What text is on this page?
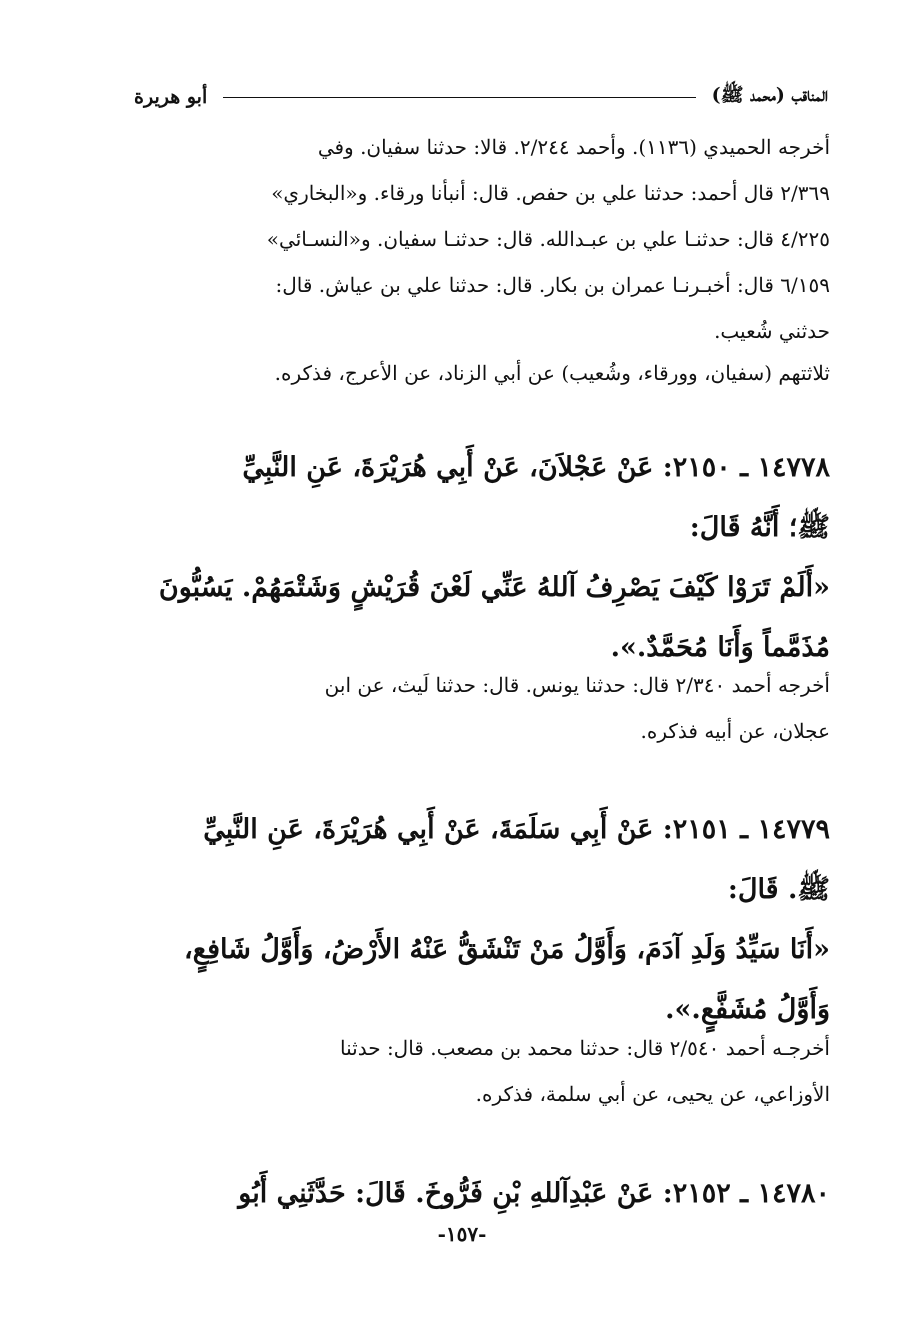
المناقب (محمد ﷺ)
أبو هريرة

أخرجه الحميدي (١١٣٦). وأحمد ٢/٢٤٤. قالا: حدثنا سفيان. وفي

٢/٣٦٩ قال أحمد: حدثنا علي بن حفص. قال: أنبأنا ورقاء. و«البخاري»

٤/٢٢٥ قال: حدثنـا علي بن عبـدالله. قال: حدثنـا سفيان. و«النسـائي»

٦/١٥٩ قال: أخبـرنـا عمران بن بكار. قال: حدثنا علي بن عياش. قال:

حدثني شُعيب.

ثلاثتهم (سفيان، وورقاء، وشُعيب) عن أبي الزناد، عن الأعرج، فذكره.

١٤٧٧٨ ـ ٢١٥٠: عَنْ عَجْلاَنَ، عَنْ أَبِي هُرَيْرَةَ، عَنِ النَّبِيِّ

ﷺ؛ أَنَّهُ قَالَ:

«أَلَمْ تَرَوْا كَيْفَ يَصْرِفُ آللهُ عَنِّي لَعْنَ قُرَيْشٍ وَشَتْمَهُمْ. يَسُبُّونَ

مُذَمَّماً وَأَنَا مُحَمَّدٌ.».

أخرجه أحمد ٢/٣٤٠ قال: حدثنا يونس. قال: حدثنا لَيث، عن ابن

عجلان، عن أبيه فذكره.

١٤٧٧٩ ـ ٢١٥١: عَنْ أَبِي سَلَمَةَ، عَنْ أَبِي هُرَيْرَةَ، عَنِ النَّبِيِّ

ﷺ. قَالَ:

«أَنَا سَيِّدُ وَلَدِ آدَمَ، وَأَوَّلُ مَنْ تَنْشَقُّ عَنْهُ الأَرْضُ، وَأَوَّلُ شَافِعٍ،

وَأَوَّلُ مُشَفَّعٍ.».

أخرجـه أحمد ٢/٥٤٠ قال: حدثنا محمد بن مصعب. قال: حدثنا

الأوزاعي، عن يحيى، عن أبي سلمة، فذكره.

١٤٧٨٠ ـ ٢١٥٢: عَنْ عَبْدِآللهِ بْنِ فَرُّوخَ. قَالَ: حَدَّثَنِي أَبُو

-١٥٧-
